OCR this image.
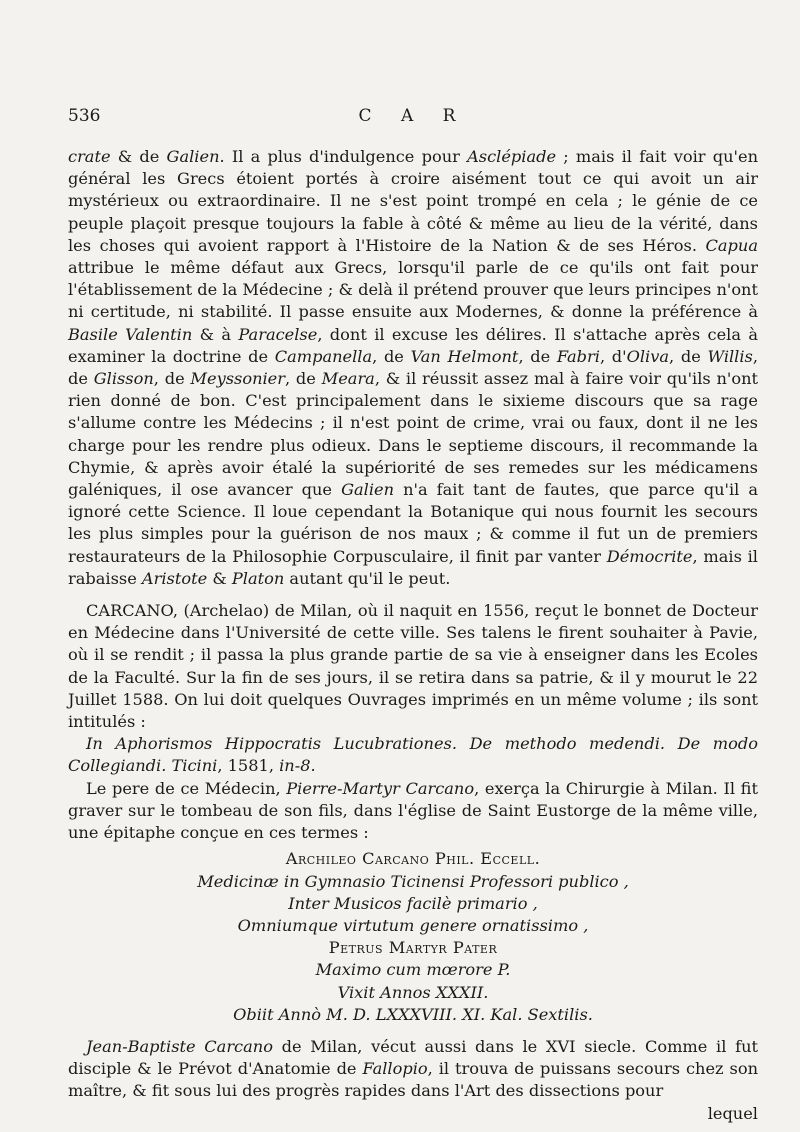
536	C A R

crate & de Galien. Il a plus d'indulgence pour Asclépiade ; mais il fait voir qu'en général les Grecs étoient portés à croire aisément tout ce qui avoit un air mystérieux ou extraordinaire. Il ne s'est point trompé en cela ; le génie de ce peuple plaçoit presque toujours la fable à côté & même au lieu de la vérité, dans les choses qui avoient rapport à l'Histoire de la Nation & de ses Héros. Capua attribue le même défaut aux Grecs, lorsqu'il parle de ce qu'ils ont fait pour l'établissement de la Médecine ; & delà il prétend prouver que leurs principes n'ont ni certitude, ni stabilité. Il passe ensuite aux Modernes, & donne la préférence à Basile Valentin & à Paracelse, dont il excuse les délires. Il s'attache après cela à examiner la doctrine de Campanella, de Van Helmont, de Fabri, d'Oliva, de Willis, de Glisson, de Meyssonier, de Meara, & il réussit assez mal à faire voir qu'ils n'ont rien donné de bon. C'est principalement dans le sixieme discours que sa rage s'allume contre les Médecins ; il n'est point de crime, vrai ou faux, dont il ne les charge pour les rendre plus odieux. Dans le septieme discours, il recommande la Chymie, & après avoir étalé la supériorité de ses remedes sur les médicamens galéniques, il ose avancer que Galien n'a fait tant de fautes, que parce qu'il a ignoré cette Science. Il loue cependant la Botanique qui nous fournit les secours les plus simples pour la guérison de nos maux ; & comme il fut un de premiers restaurateurs de la Philosophie Corpusculaire, il finit par vanter Démocrite, mais il rabaisse Aristote & Platon autant qu'il le peut.

CARCANO, (Archelao) de Milan, où il naquit en 1556, reçut le bonnet de Docteur en Médecine dans l'Université de cette ville. Ses talens le firent souhaiter à Pavie, où il se rendit ; il passa la plus grande partie de sa vie à enseigner dans les Ecoles de la Faculté. Sur la fin de ses jours, il se retira dans sa patrie, & il y mourut le 22 Juillet 1588. On lui doit quelques Ouvrages imprimés en un même volume ; ils sont intitulés :

In Aphorismos Hippocratis Lucubrationes. De methodo medendi. De modo Collegiandi. Ticini, 1581, in-8.

Le pere de ce Médecin, Pierre-Martyr Carcano, exerça la Chirurgie à Milan. Il fit graver sur le tombeau de son fils, dans l'église de Saint Eustorge de la même ville, une épitaphe conçue en ces termes :

Archileo Carcano Phil. Eccell.

Medicinæ in Gymnasio Ticinensi Professori publico ,

Inter Musicos facilè primario ,

Omniumque virtutum genere ornatissimo ,

Petrus Martyr Pater

Maximo cum mœrore P.

Vixit Annos XXXII.

Obiit Annò M. D. LXXXVIII. XI. Kal. Sextilis.

Jean-Baptiste Carcano de Milan, vécut aussi dans le XVI siecle. Comme il fut disciple & le Prévot d'Anatomie de Fallopio, il trouva de puissans secours chez son maître, & fit sous lui des progrès rapides dans l'Art des dissections pour

lequel
